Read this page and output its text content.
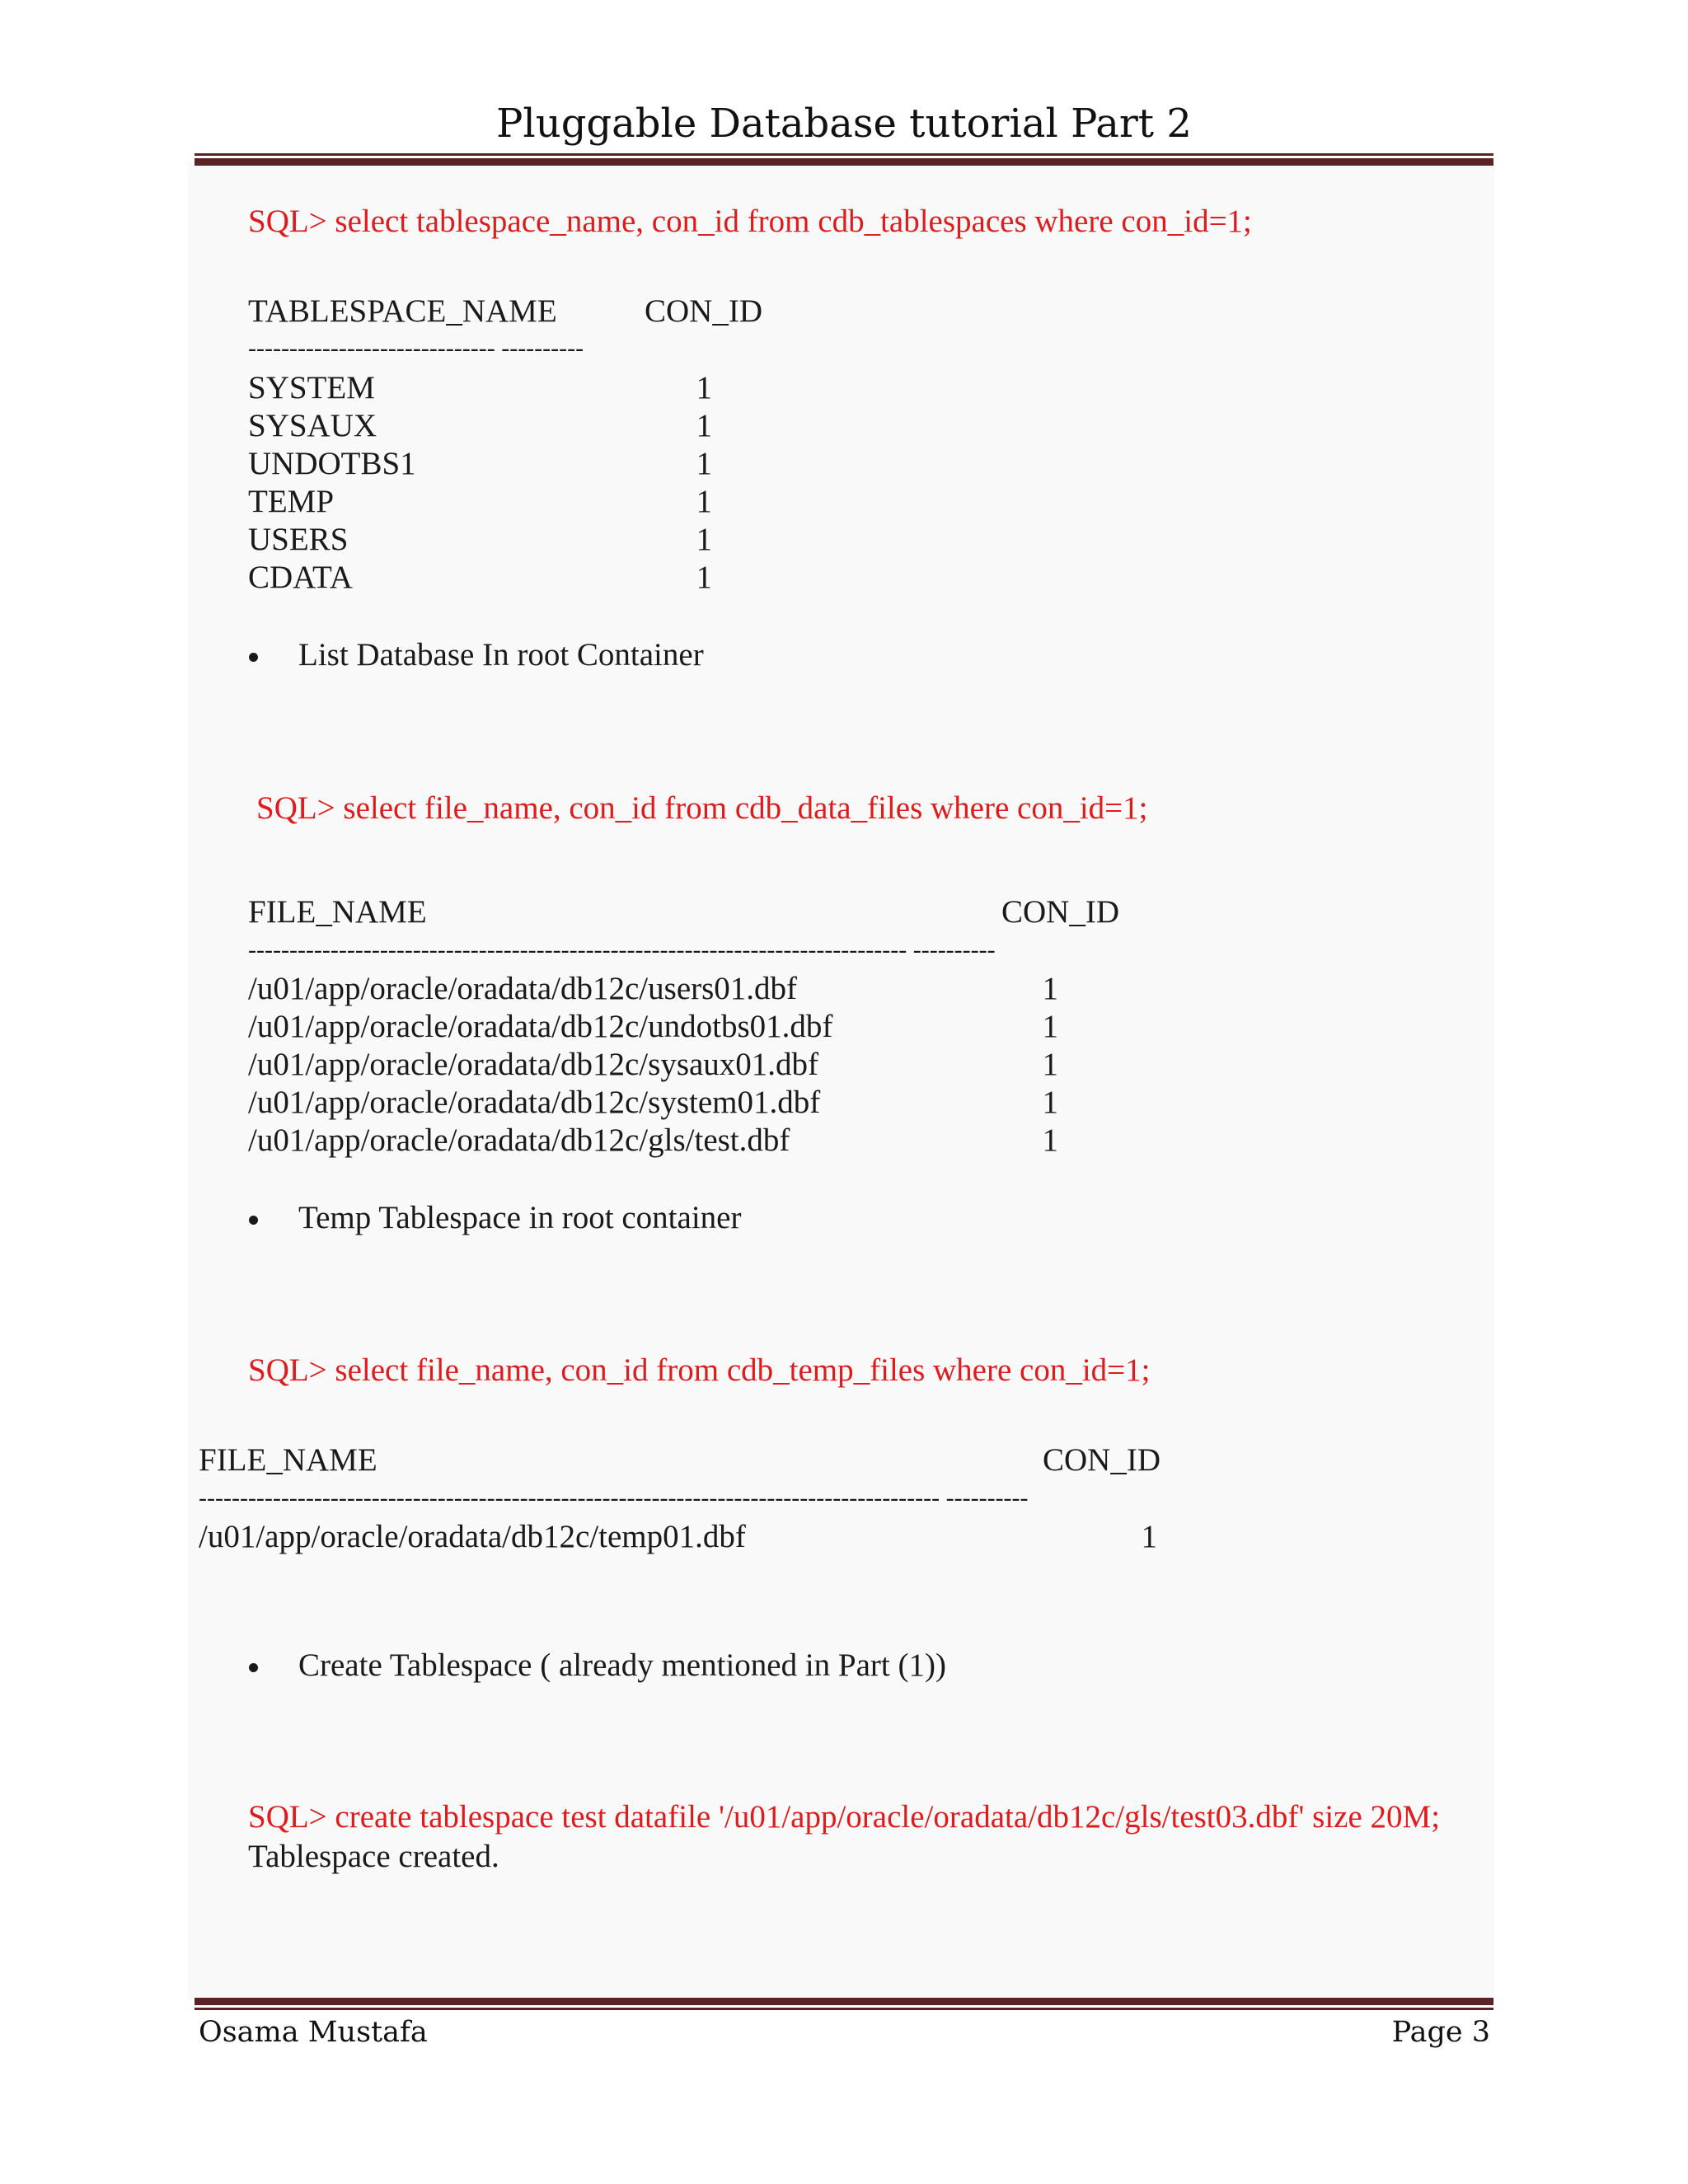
Pluggable Database tutorial Part 2
SQL> select tablespace_name, con_id from cdb_tablespaces where con_id=1;
TABLESPACE_NAME	CON_ID
------------------------------ ----------
SYSTEM	1
SYSAUX	1
UNDOTBS1	1
TEMP	1
USERS	1
CDATA	1
List Database In root Container
SQL> select file_name, con_id from cdb_data_files where con_id=1;
FILE_NAME	CON_ID
-------------------------------------------------------------------------------- ----------
/u01/app/oracle/oradata/db12c/users01.dbf	1
/u01/app/oracle/oradata/db12c/undotbs01.dbf	1
/u01/app/oracle/oradata/db12c/sysaux01.dbf	1
/u01/app/oracle/oradata/db12c/system01.dbf	1
/u01/app/oracle/oradata/db12c/gls/test.dbf	1
Temp Tablespace in root container
SQL> select file_name, con_id from cdb_temp_files where con_id=1;
FILE_NAME	CON_ID
------------------------------------------------------------------------------------------ ----------
/u01/app/oracle/oradata/db12c/temp01.dbf	1
Create Tablespace ( already mentioned in Part (1))
SQL> create tablespace test datafile '/u01/app/oracle/oradata/db12c/gls/test03.dbf' size 20M;
Tablespace created.
Osama Mustafa	Page 3
